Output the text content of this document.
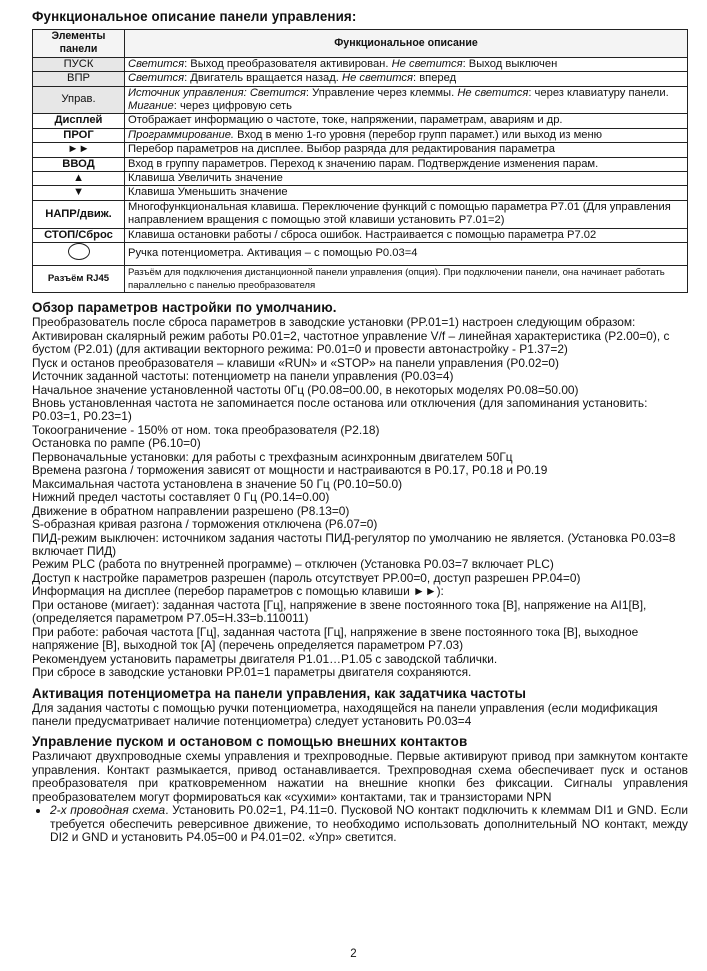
Функциональное описание панели управления:
Элементы панели	Функциональное описание
ПУСК	Светится: Выход преобразователя активирован. Не светится: Выход выключен
ВПР	Светится: Двигатель вращается назад. Не светится: вперед
Управ.	Источник управления: Светится: Управление через клеммы. Не светится: через клавиатуру панели. Мигание: через цифровую сеть
Дисплей	Отображает информацию о частоте, токе, напряжении, параметрам, авариям и др.
ПРОГ	Программирование. Вход в меню 1-го уровня (перебор групп парамет.) или выход из меню
►►	Перебор параметров на дисплее. Выбор разряда для редактирования параметра
ВВОД	Вход в группу параметров. Переход к значению парам. Подтверждение изменения парам.
▲	Клавиша Увеличить значение
▼	Клавиша Уменьшить значение
НАПР/движ.	Многофункциональная клавиша. Переключение функций с помощью параметра P7.01 (Для управления направлением вращения с помощью этой клавиши установить P7.01=2)
СТОП/Сброс	Клавиша остановки работы / сброса ошибок. Настраивается с помощью параметра P7.02
	Ручка потенциометра. Активация – с помощью P0.03=4
Разъём RJ45	Разъём для подключения дистанционной панели управления (опция). При подключении панели, она начинает работать параллельно с панелью преобразователя
Обзор параметров настройки по умолчанию.

Преобразователь после сброса параметров в заводские установки (PP.01=1) настроен следующим образом:

Активирован скалярный режим работы P0.01=2, частотное управление V/f – линейная характеристика (P2.00=0), с бустом (P2.01) (для активации векторного режима: P0.01=0 и провести автонастройку - P1.37=2)

Пуск и останов преобразователя – клавиши «RUN» и «STOP» на панели управления (P0.02=0)

Источник заданной частоты: потенциометр на панели управления (P0.03=4)

Начальное значение установленной частоты 0Гц (P0.08=00.00, в некоторых моделях P0.08=50.00)

Вновь установленная частота не запоминается после останова или отключения (для запоминания установить: P0.03=1, P0.23=1)

Токоограничение - 150% от ном. тока преобразователя (P2.18)

Остановка по рампе (P6.10=0)

Первоначальные установки: для работы с трехфазным асинхронным двигателем 50Гц

Времена разгона / торможения зависят от мощности и настраиваются в P0.17, P0.18 и P0.19

Максимальная частота установлена в значение 50 Гц (P0.10=50.0)

Нижний предел частоты составляет 0 Гц (P0.14=0.00)

Движение в обратном направлении разрешено (P8.13=0)

S-образная кривая разгона / торможения отключена (P6.07=0)

ПИД-режим выключен: источником задания частоты ПИД-регулятор по умолчанию не является. (Установка P0.03=8 включает ПИД)

Режим PLC (работа по внутренней программе) – отключен (Установка P0.03=7 включает PLC)

Доступ к настройке параметров разрешен (пароль отсутствует PP.00=0, доступ разрешен PP.04=0)

Информация на дисплее (перебор параметров с помощью клавиши ►►):

При останове (мигает): заданная частота [Гц], напряжение в звене постоянного тока [В], напряжение на AI1[В], (определяется параметром P7.05=H.33=b.110011)

При работе: рабочая частота [Гц], заданная частота [Гц], напряжение в звене постоянного тока [В], выходное напряжение [В], выходной ток [А] (перечень определяется параметром P7.03)

Рекомендуем установить параметры двигателя P1.01…P1.05 с заводской таблички.

При сбросе в заводские установки PP.01=1 параметры двигателя сохраняются.

Активация потенциометра на панели управления, как задатчика частоты

Для задания частоты с помощью ручки потенциометра, находящейся на панели управления (если модификация панели предусматривает наличие потенциометра) следует установить P0.03=4

Управление пуском и остановом с помощью внешних контактов

Различают двухпроводные схемы управления и трехпроводные. Первые активируют привод при замкнутом контакте управления. Контакт размыкается, привод останавливается. Трехпроводная схема обеспечивает пуск и останов преобразователя при кратковременном нажатии на внешние кнопки без фиксации. Сигналы управления преобразователем могут формироваться как «сухими» контактами, так и транзисторами NPN

• 2-х проводная схема. Установить P0.02=1, P4.11=0. Пусковой NO контакт подключить к клеммам DI1 и GND. Если требуется обеспечить реверсивное движение, то необходимо использовать дополнительный NO контакт, между DI2 и GND и установить P4.05=00 и P4.01=02. «Упр» светится.
2
